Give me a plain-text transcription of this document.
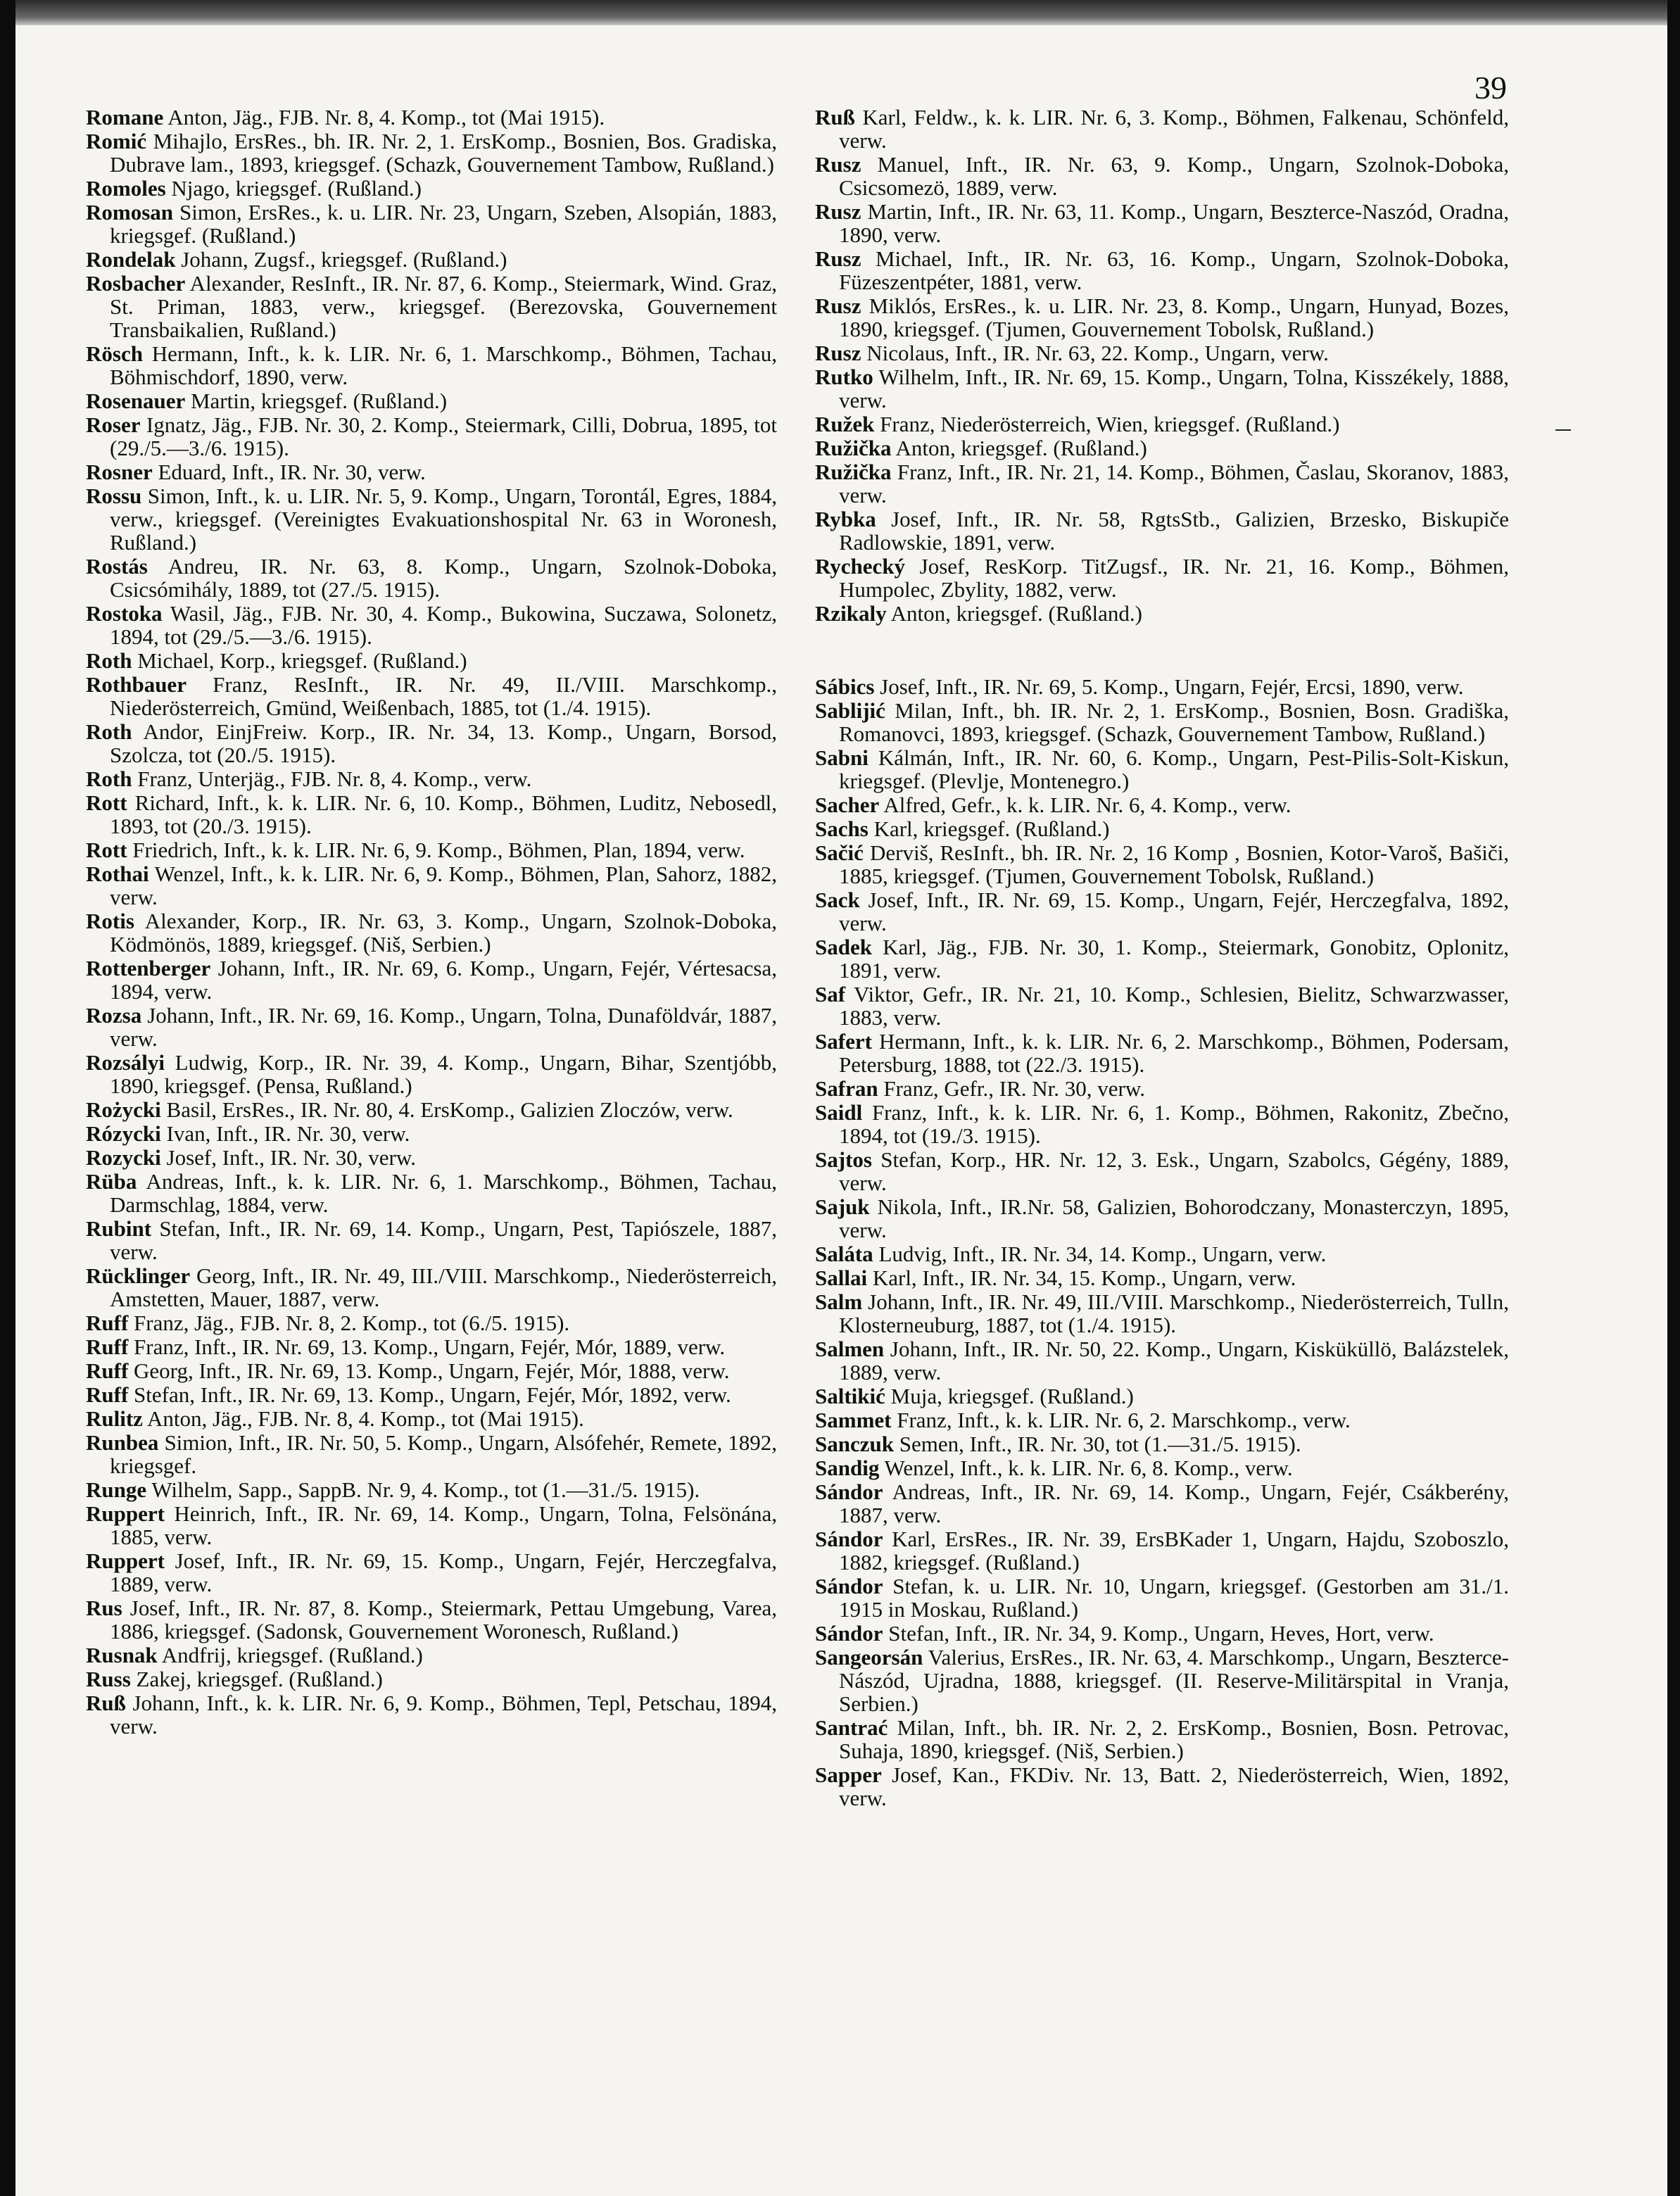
39
Romane Anton, Jäg., FJB. Nr. 8, 4. Komp., tot (Mai 1915).
Romić Mihajlo, ErsRes., bh. IR. Nr. 2, 1. ErsKomp., Bosnien, Bos. Gradiska, Dubrave lam., 1893, kriegsgef. (Schazk, Gouvernement Tambow, Rußland.)
Romoles Njago, kriegsgef. (Rußland.)
Romosan Simon, ErsRes., k. u. LIR. Nr. 23, Ungarn, Szeben, Alsopián, 1883, kriegsgef. (Rußland.)
Rondelak Johann, Zugsf., kriegsgef. (Rußland.)
Rosbacher Alexander, ResInft., IR. Nr. 87, 6. Komp., Steiermark, Wind. Graz, St. Priman, 1883, verw., kriegsgef. (Berezovska, Gouvernement Transbaikalien, Rußland.)
Rösch Hermann, Inft., k. k. LIR. Nr. 6, 1. Marschkomp., Böhmen, Tachau, Böhmischdorf, 1890, verw.
Rosenauer Martin, kriegsgef. (Rußland.)
Roser Ignatz, Jäg., FJB. Nr. 30, 2. Komp., Steiermark, Cilli, Dobrua, 1895, tot (29./5.—3./6. 1915).
Rosner Eduard, Inft., IR. Nr. 30, verw.
Rossu Simon, Inft., k. u. LIR. Nr. 5, 9. Komp., Ungarn, Torontál, Egres, 1884, verw., kriegsgef. (Vereinigtes Evakuationshospital Nr. 63 in Woronesh, Rußland.)
Rostás Andreu, IR. Nr. 63, 8. Komp., Ungarn, Szolnok-Doboka, Csicsómihály, 1889, tot (27./5. 1915).
Rostoka Wasil, Jäg., FJB. Nr. 30, 4. Komp., Bukowina, Suczawa, Solonetz, 1894, tot (29./5.—3./6. 1915).
Roth Michael, Korp., kriegsgef. (Rußland.)
Rothbauer Franz, ResInft., IR. Nr. 49, II./VIII. Marschkomp., Niederösterreich, Gmünd, Weißenbach, 1885, tot (1./4. 1915).
Roth Andor, EinjFreiw. Korp., IR. Nr. 34, 13. Komp., Ungarn, Borsod, Szolcza, tot (20./5. 1915).
Roth Franz, Unterjäg., FJB. Nr. 8, 4. Komp., verw.
Rott Richard, Inft., k. k. LIR. Nr. 6, 10. Komp., Böhmen, Luditz, Nebosedl, 1893, tot (20./3. 1915).
Rott Friedrich, Inft., k. k. LIR. Nr. 6, 9. Komp., Böhmen, Plan, 1894, verw.
Rothai Wenzel, Inft., k. k. LIR. Nr. 6, 9. Komp., Böhmen, Plan, Sahorz, 1882, verw.
Rotis Alexander, Korp., IR. Nr. 63, 3. Komp., Ungarn, Szolnok-Doboka, Ködmönös, 1889, kriegsgef. (Niš, Serbien.)
Rottenberger Johann, Inft., IR. Nr. 69, 6. Komp., Ungarn, Fejér, Vértesacsa, 1894, verw.
Rozsa Johann, Inft., IR. Nr. 69, 16. Komp., Ungarn, Tolna, Dunaföldvár, 1887, verw.
Rozsályi Ludwig, Korp., IR. Nr. 39, 4. Komp., Ungarn, Bihar, Szentjóbb, 1890, kriegsgef. (Pensa, Rußland.)
Rożycki Basil, ErsRes., IR. Nr. 80, 4. ErsKomp., Galizien Zloczów, verw.
Rózycki Ivan, Inft., IR. Nr. 30, verw.
Rozycki Josef, Inft., IR. Nr. 30, verw.
Rüba Andreas, Inft., k. k. LIR. Nr. 6, 1. Marschkomp., Böhmen, Tachau, Darmschlag, 1884, verw.
Rubint Stefan, Inft., IR. Nr. 69, 14. Komp., Ungarn, Pest, Tapiószele, 1887, verw.
Rücklinger Georg, Inft., IR. Nr. 49, III./VIII. Marschkomp., Niederösterreich, Amstetten, Mauer, 1887, verw.
Ruff Franz, Jäg., FJB. Nr. 8, 2. Komp., tot (6./5. 1915).
Ruff Franz, Inft., IR. Nr. 69, 13. Komp., Ungarn, Fejér, Mór, 1889, verw.
Ruff Georg, Inft., IR. Nr. 69, 13. Komp., Ungarn, Fejér, Mór, 1888, verw.
Ruff Stefan, Inft., IR. Nr. 69, 13. Komp., Ungarn, Fejér, Mór, 1892, verw.
Rulitz Anton, Jäg., FJB. Nr. 8, 4. Komp., tot (Mai 1915).
Runbea Simion, Inft., IR. Nr. 50, 5. Komp., Ungarn, Alsófehér, Remete, 1892, kriegsgef.
Runge Wilhelm, Sapp., SappB. Nr. 9, 4. Komp., tot (1.—31./5. 1915).
Ruppert Heinrich, Inft., IR. Nr. 69, 14. Komp., Ungarn, Tolna, Felsönána, 1885, verw.
Ruppert Josef, Inft., IR. Nr. 69, 15. Komp., Ungarn, Fejér, Herczegfalva, 1889, verw.
Rus Josef, Inft., IR. Nr. 87, 8. Komp., Steiermark, Pettau Umgebung, Varea, 1886, kriegsgef. (Sadonsk, Gouvernement Woronesch, Rußland.)
Rusnak Andfrij, kriegsgef. (Rußland.)
Russ Zakej, kriegsgef. (Rußland.)
Ruß Johann, Inft., k. k. LIR. Nr. 6, 9. Komp., Böhmen, Tepl, Petschau, 1894, verw.
Ruß Karl, Feldw., k. k. LIR. Nr. 6, 3. Komp., Böhmen, Falkenau, Schönfeld, verw.
Rusz Manuel, Inft., IR. Nr. 63, 9. Komp., Ungarn, Szolnok-Doboka, Csicsomezö, 1889, verw.
Rusz Martin, Inft., IR. Nr. 63, 11. Komp., Ungarn, Beszterce-Naszód, Oradna, 1890, verw.
Rusz Michael, Inft., IR. Nr. 63, 16. Komp., Ungarn, Szolnok-Doboka, Füzeszentpéter, 1881, verw.
Rusz Miklós, ErsRes., k. u. LIR. Nr. 23, 8. Komp., Ungarn, Hunyad, Bozes, 1890, kriegsgef. (Tjumen, Gouvernement Tobolsk, Rußland.)
Rusz Nicolaus, Inft., IR. Nr. 63, 22. Komp., Ungarn, verw.
Rutko Wilhelm, Inft., IR. Nr. 69, 15. Komp., Ungarn, Tolna, Kisszékely, 1888, verw.
Ružek Franz, Niederösterreich, Wien, kriegsgef. (Rußland.)
Ružička Anton, kriegsgef. (Rußland.)
Ružička Franz, Inft., IR. Nr. 21, 14. Komp., Böhmen, Časlau, Skoranov, 1883, verw.
Rybka Josef, Inft., IR. Nr. 58, RgtsStb., Galizien, Brzesko, Biskupiče Radlowskie, 1891, verw.
Rychecký Josef, ResKorp. TitZugsf., IR. Nr. 21, 16. Komp., Böhmen, Humpolec, Zbylity, 1882, verw.
Rzikaly Anton, kriegsgef. (Rußland.)
Sábics Josef, Inft., IR. Nr. 69, 5. Komp., Ungarn, Fejér, Ercsi, 1890, verw.
Sablijić Milan, Inft., bh. IR. Nr. 2, 1. ErsKomp., Bosnien, Bosn. Gradiška, Romanovci, 1893, kriegsgef. (Schazk, Gouvernement Tambow, Rußland.)
Sabni Kálmán, Inft., IR. Nr. 60, 6. Komp., Ungarn, Pest-Pilis-Solt-Kiskun, kriegsgef. (Plevlje, Montenegro.)
Sacher Alfred, Gefr., k. k. LIR. Nr. 6, 4. Komp., verw.
Sachs Karl, kriegsgef. (Rußland.)
Sačić Derviš, ResInft., bh. IR. Nr. 2, 16 Komp , Bosnien, Kotor-Varoš, Bašiči, 1885, kriegsgef. (Tjumen, Gouvernement Tobolsk, Rußland.)
Sack Josef, Inft., IR. Nr. 69, 15. Komp., Ungarn, Fejér, Herczegfalva, 1892, verw.
Sadek Karl, Jäg., FJB. Nr. 30, 1. Komp., Steiermark, Gonobitz, Oplonitz, 1891, verw.
Saf Viktor, Gefr., IR. Nr. 21, 10. Komp., Schlesien, Bielitz, Schwarzwasser, 1883, verw.
Safert Hermann, Inft., k. k. LIR. Nr. 6, 2. Marschkomp., Böhmen, Podersam, Petersburg, 1888, tot (22./3. 1915).
Safran Franz, Gefr., IR. Nr. 30, verw.
Saidl Franz, Inft., k. k. LIR. Nr. 6, 1. Komp., Böhmen, Rakonitz, Zbečno, 1894, tot (19./3. 1915).
Sajtos Stefan, Korp., HR. Nr. 12, 3. Esk., Ungarn, Szabolcs, Gégény, 1889, verw.
Sajuk Nikola, Inft., IR.Nr. 58, Galizien, Bohorodczany, Monasterczyn, 1895, verw.
Saláta Ludvig, Inft., IR. Nr. 34, 14. Komp., Ungarn, verw.
Sallai Karl, Inft., IR. Nr. 34, 15. Komp., Ungarn, verw.
Salm Johann, Inft., IR. Nr. 49, III./VIII. Marschkomp., Niederösterreich, Tulln, Klosterneuburg, 1887, tot (1./4. 1915).
Salmen Johann, Inft., IR. Nr. 50, 22. Komp., Ungarn, Kisküküllö, Balázstelek, 1889, verw.
Saltikić Muja, kriegsgef. (Rußland.)
Sammet Franz, Inft., k. k. LIR. Nr. 6, 2. Marschkomp., verw.
Sanczuk Semen, Inft., IR. Nr. 30, tot (1.—31./5. 1915).
Sandig Wenzel, Inft., k. k. LIR. Nr. 6, 8. Komp., verw.
Sándor Andreas, Inft., IR. Nr. 69, 14. Komp., Ungarn, Fejér, Csákberény, 1887, verw.
Sándor Karl, ErsRes., IR. Nr. 39, ErsBKader 1, Ungarn, Hajdu, Szoboszlo, 1882, kriegsgef. (Rußland.)
Sándor Stefan, k. u. LIR. Nr. 10, Ungarn, kriegsgef. (Gestorben am 31./1. 1915 in Moskau, Rußland.)
Sándor Stefan, Inft., IR. Nr. 34, 9. Komp., Ungarn, Heves, Hort, verw.
Sangeorsán Valerius, ErsRes., IR. Nr. 63, 4. Marschkomp., Ungarn, Beszterce-Nászód, Ujradna, 1888, kriegsgef. (II. Reserve-Militärspital in Vranja, Serbien.)
Santrać Milan, Inft., bh. IR. Nr. 2, 2. ErsKomp., Bosnien, Bosn. Petrovac, Suhaja, 1890, kriegsgef. (Niš, Serbien.)
Sapper Josef, Kan., FKDiv. Nr. 13, Batt. 2, Niederösterreich, Wien, 1892, verw.
